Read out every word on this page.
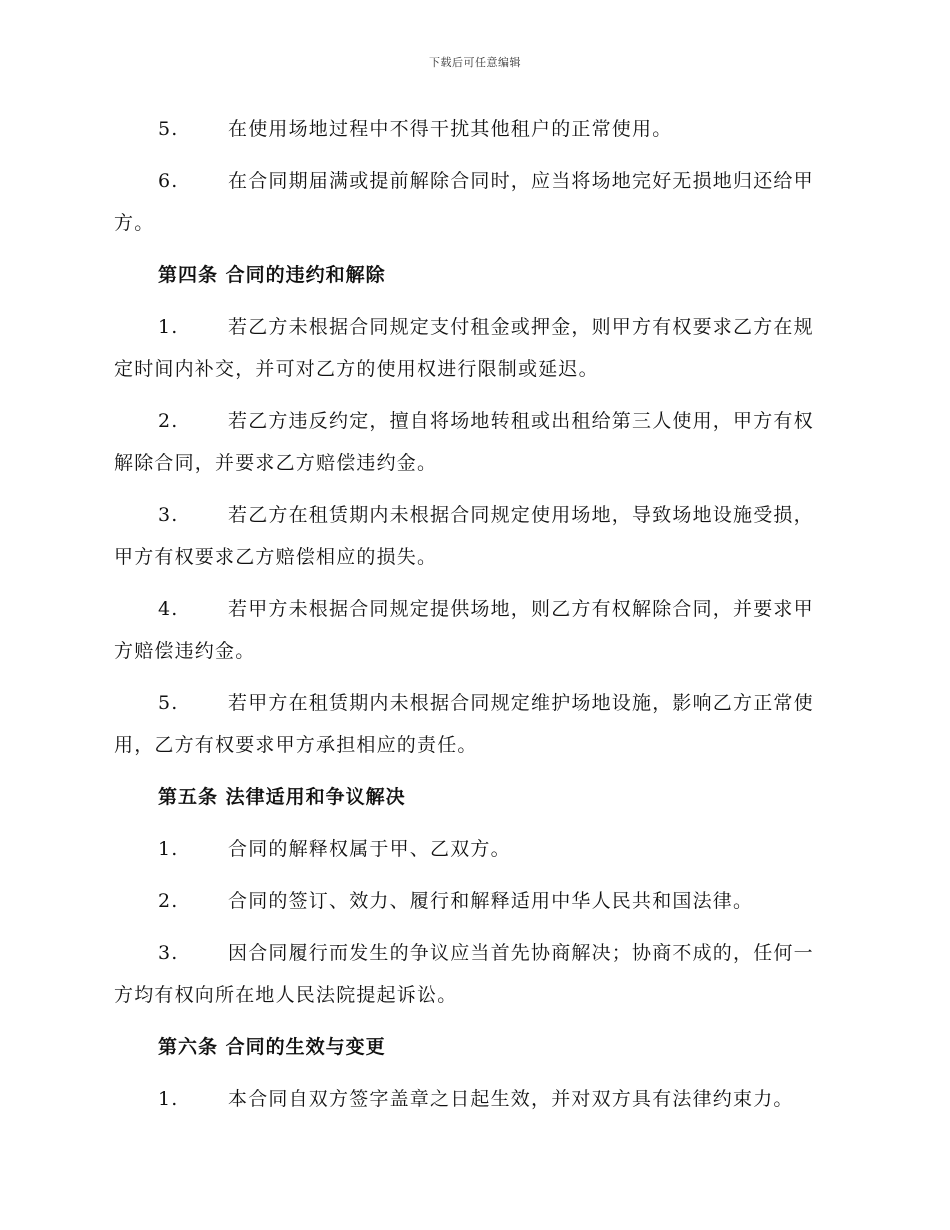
下载后可任意编辑

5.	在使用场地过程中不得干扰其他租户的正常使用。

6.	在合同期届满或提前解除合同时，应当将场地完好无损地归还给甲方。

第四条 合同的违约和解除

1.	若乙方未根据合同规定支付租金或押金，则甲方有权要求乙方在规定时间内补交，并可对乙方的使用权进行限制或延迟。

2.	若乙方违反约定，擅自将场地转租或出租给第三人使用，甲方有权解除合同，并要求乙方赔偿违约金。

3.	若乙方在租赁期内未根据合同规定使用场地，导致场地设施受损，甲方有权要求乙方赔偿相应的损失。

4.	若甲方未根据合同规定提供场地，则乙方有权解除合同，并要求甲方赔偿违约金。

5.	若甲方在租赁期内未根据合同规定维护场地设施，影响乙方正常使用，乙方有权要求甲方承担相应的责任。

第五条 法律适用和争议解决

1.	合同的解释权属于甲、乙双方。

2.	合同的签订、效力、履行和解释适用中华人民共和国法律。

3.	因合同履行而发生的争议应当首先协商解决；协商不成的，任何一方均有权向所在地人民法院提起诉讼。

第六条 合同的生效与变更

1.	本合同自双方签字盖章之日起生效，并对双方具有法律约束力。
